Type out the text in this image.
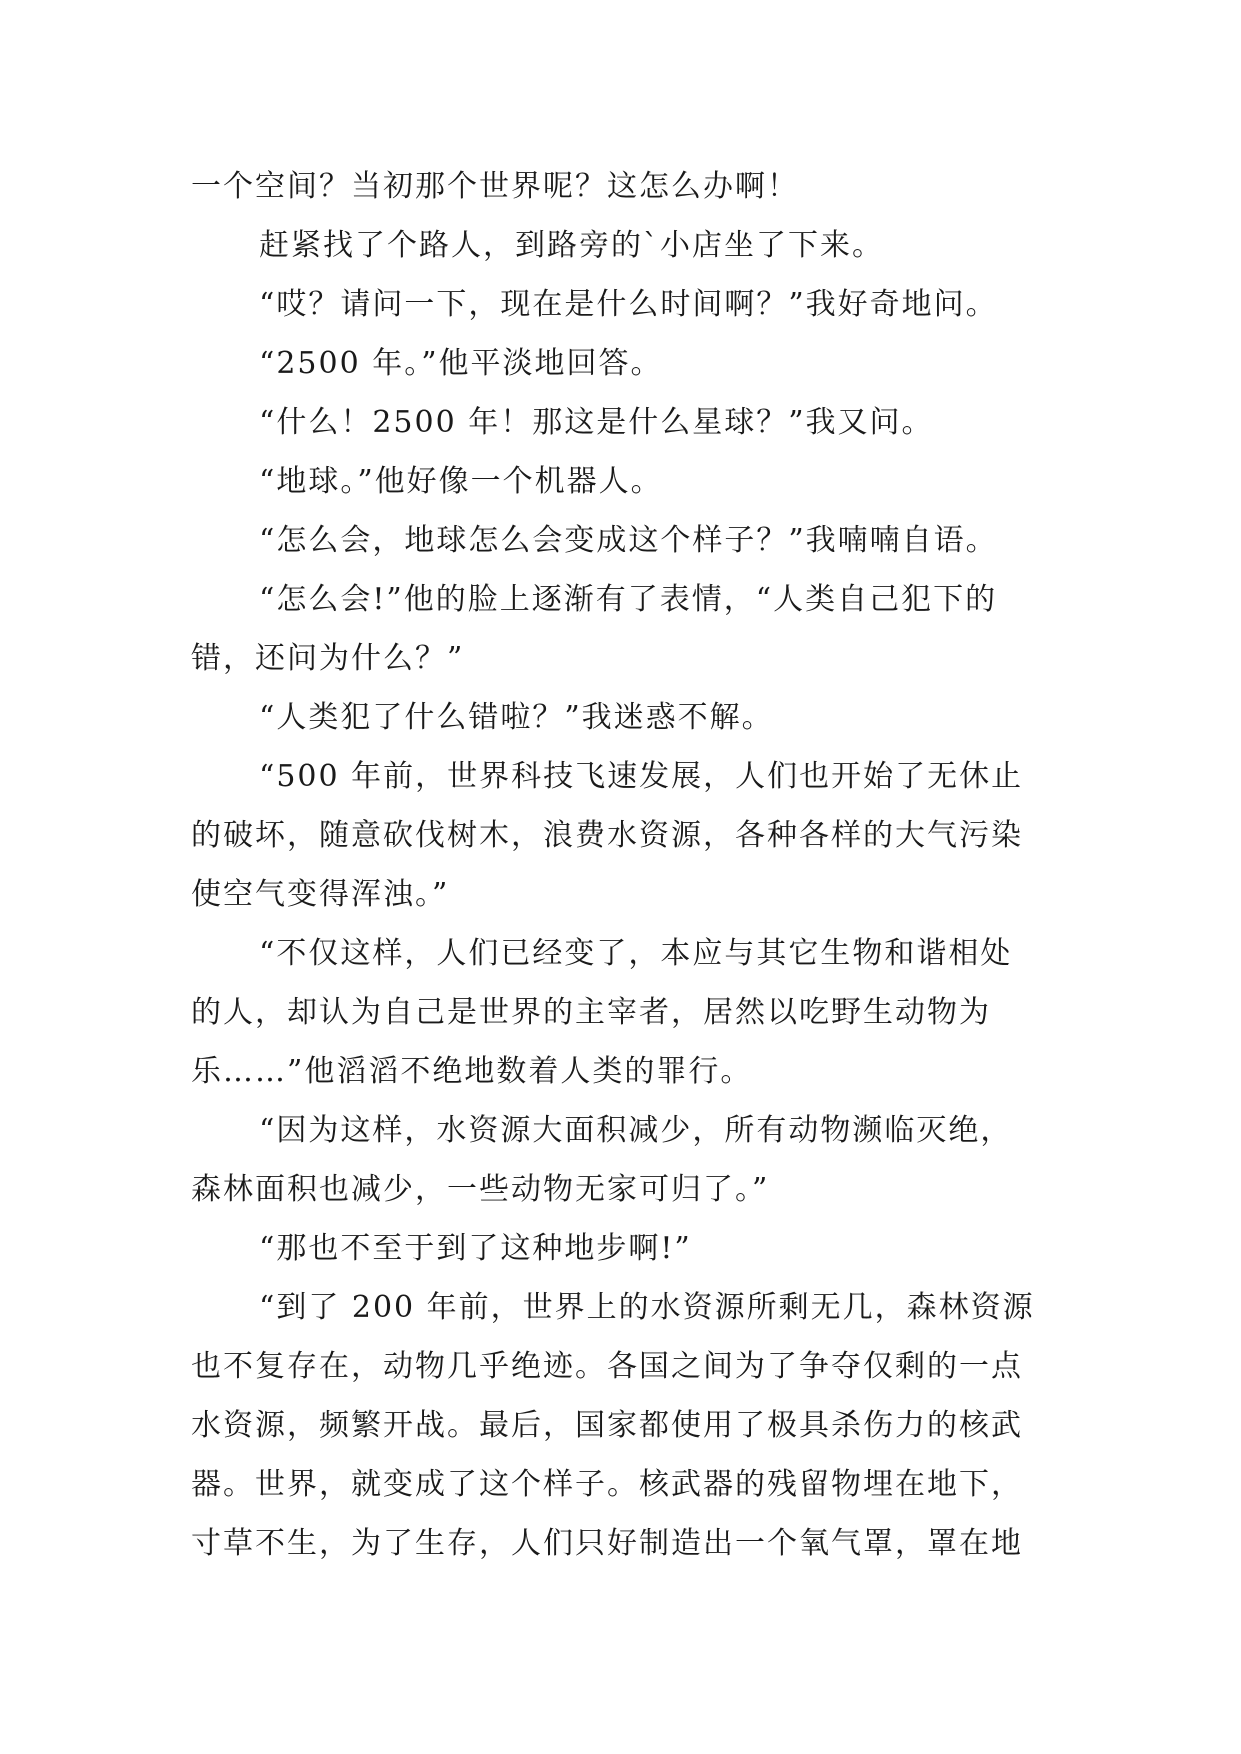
一个空间？当初那个世界呢？这怎么办啊！
赶紧找了个路人，到路旁的`小店坐了下来。
“哎？请问一下，现在是什么时间啊？”我好奇地问。
“2500 年。”他平淡地回答。
“什么！2500 年！那这是什么星球？”我又问。
“地球。”他好像一个机器人。
“怎么会，地球怎么会变成这个样子？”我喃喃自语。
“怎么会!”他的脸上逐渐有了表情，“人类自己犯下的
错，还问为什么？”
“人类犯了什么错啦？”我迷惑不解。
“500 年前，世界科技飞速发展，人们也开始了无休止
的破坏，随意砍伐树木，浪费水资源，各种各样的大气污染
使空气变得浑浊。”
“不仅这样，人们已经变了，本应与其它生物和谐相处
的人，却认为自己是世界的主宰者，居然以吃野生动物为
乐……”他滔滔不绝地数着人类的罪行。
“因为这样，水资源大面积减少，所有动物濒临灭绝，
森林面积也减少，一些动物无家可归了。”
“那也不至于到了这种地步啊!”
“到了 200 年前，世界上的水资源所剩无几，森林资源
也不复存在，动物几乎绝迹。各国之间为了争夺仅剩的一点
水资源，频繁开战。最后，国家都使用了极具杀伤力的核武
器。世界，就变成了这个样子。核武器的残留物埋在地下，
寸草不生，为了生存，人们只好制造出一个氧气罩，罩在地
